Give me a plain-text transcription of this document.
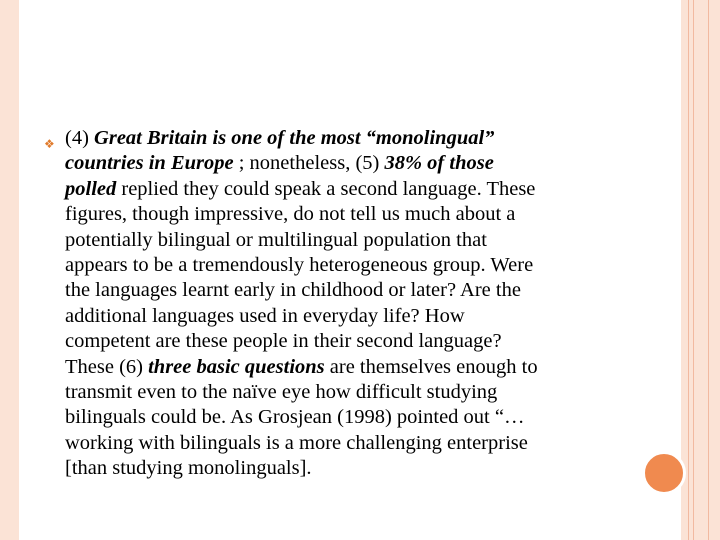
❖ (4) Great Britain is one of the most “monolingual”
countries in Europe ; nonetheless, (5) 38% of those
polled replied they could speak a second language. These
figures, though impressive, do not tell us much about a
potentially bilingual or multilingual population that
appears to be a tremendously heterogeneous group. Were
the languages learnt early in childhood or later? Are the
additional languages used in everyday life? How
competent are these people in their second language?
These (6) three basic questions are themselves enough to
transmit even to the naïve eye how difficult studying
bilinguals could be. As Grosjean (1998) pointed out “…
working with bilinguals is a more challenging enterprise
[than studying monolinguals].
